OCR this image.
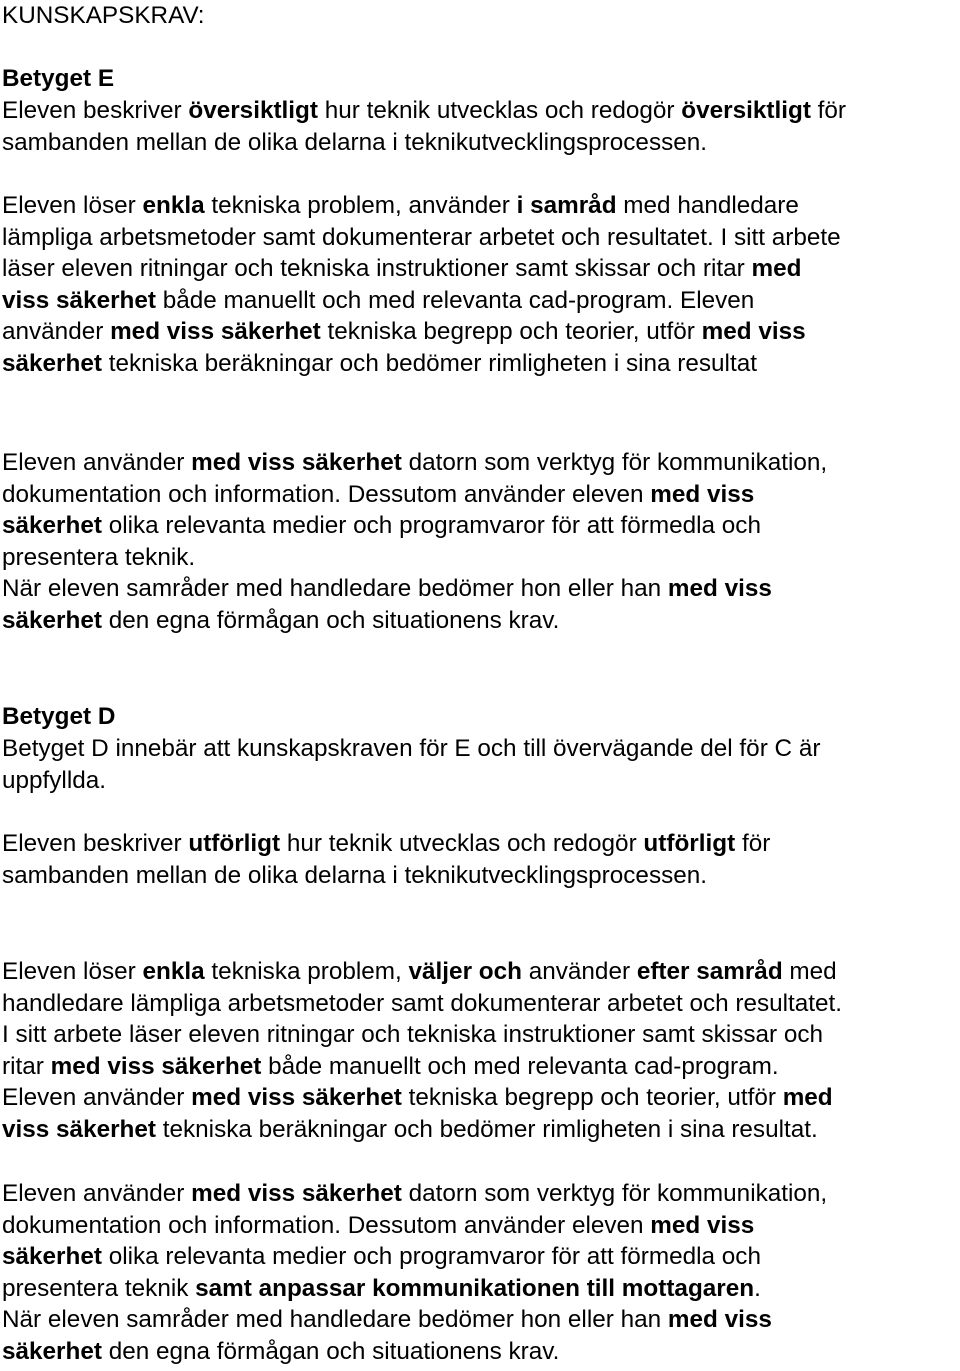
KUNSKAPSKRAV:
Betyget E
Eleven beskriver översiktligt hur teknik utvecklas och redogör översiktligt för
sambanden mellan de olika delarna i teknikutvecklingsprocessen.
Eleven löser enkla tekniska problem, använder i samråd med handledare
lämpliga arbetsmetoder samt dokumenterar arbetet och resultatet. I sitt arbete
läser eleven ritningar och tekniska instruktioner samt skissar och ritar med
viss säkerhet både manuellt och med relevanta cad-program. Eleven
använder med viss säkerhet tekniska begrepp och teorier, utför med viss
säkerhet tekniska beräkningar och bedömer rimligheten i sina resultat
Eleven använder med viss säkerhet datorn som verktyg för kommunikation,
dokumentation och information. Dessutom använder eleven med viss
säkerhet olika relevanta medier och programvaror för att förmedla och
presentera teknik.
När eleven samråder med handledare bedömer hon eller han med viss
säkerhet den egna förmågan och situationens krav.
Betyget D
Betyget D innebär att kunskapskraven för E och till övervägande del för C är
uppfyllda.
Eleven beskriver utförligt hur teknik utvecklas och redogör utförligt för
sambanden mellan de olika delarna i teknikutvecklingsprocessen.
Eleven löser enkla tekniska problem, väljer och använder efter samråd med
handledare lämpliga arbetsmetoder samt dokumenterar arbetet och resultatet.
I sitt arbete läser eleven ritningar och tekniska instruktioner samt skissar och
ritar med viss säkerhet både manuellt och med relevanta cad-program.
Eleven använder med viss säkerhet tekniska begrepp och teorier, utför med
viss säkerhet tekniska beräkningar och bedömer rimligheten i sina resultat.
Eleven använder med viss säkerhet datorn som verktyg för kommunikation,
dokumentation och information. Dessutom använder eleven med viss
säkerhet olika relevanta medier och programvaror för att förmedla och
presentera teknik samt anpassar kommunikationen till mottagaren.
När eleven samråder med handledare bedömer hon eller han med viss
säkerhet den egna förmågan och situationens krav.
